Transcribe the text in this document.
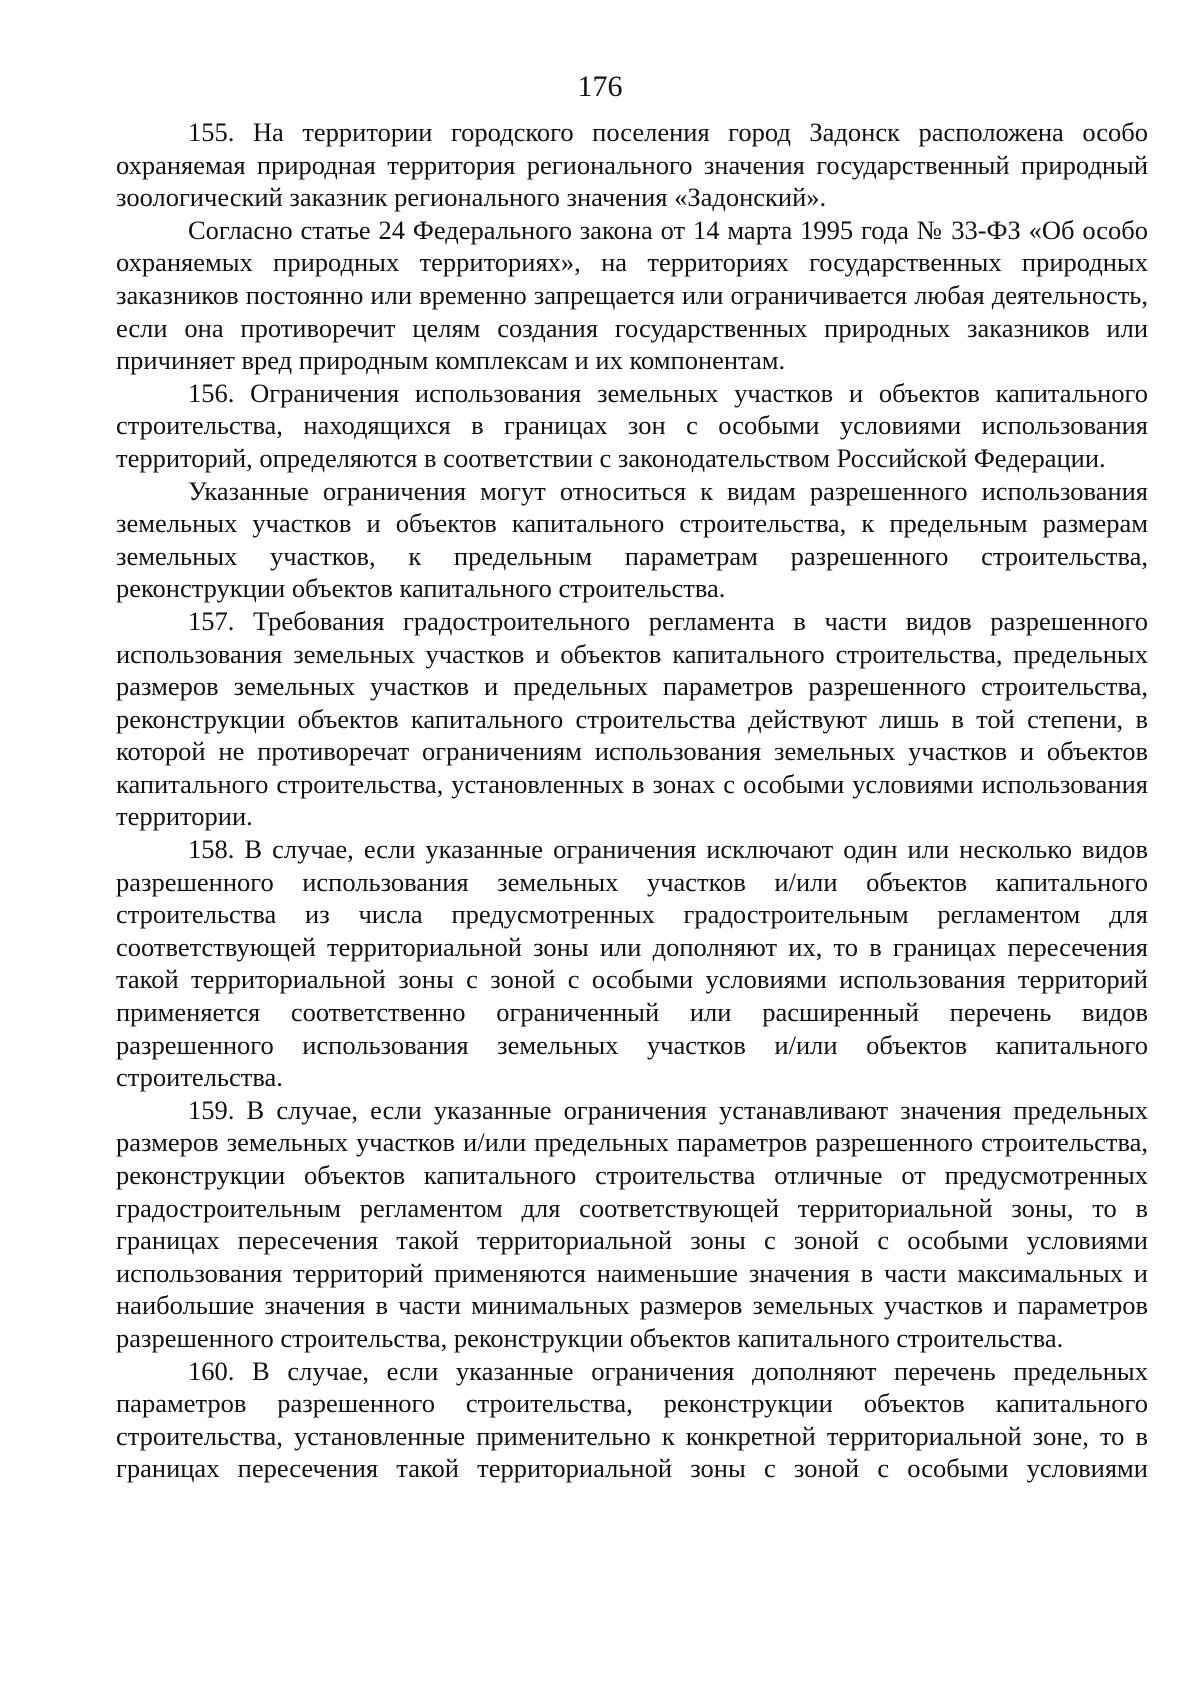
176

155. На территории городского поселения город Задонск расположена особо охраняемая природная территория регионального значения государственный природный зоологический заказник регионального значения «Задонский».

Согласно статье 24 Федерального закона от 14 марта 1995 года № 33-ФЗ «Об особо охраняемых природных территориях», на территориях государственных природных заказников постоянно или временно запрещается или ограничивается любая деятельность, если она противоречит целям создания государственных природных заказников или причиняет вред природным комплексам и их компонентам.

156. Ограничения использования земельных участков и объектов капитального строительства, находящихся в границах зон с особыми условиями использования территорий, определяются в соответствии с законодательством Российской Федерации.

Указанные ограничения могут относиться к видам разрешенного использования земельных участков и объектов капитального строительства, к предельным размерам земельных участков, к предельным параметрам разрешенного строительства, реконструкции объектов капитального строительства.

157. Требования градостроительного регламента в части видов разрешенного использования земельных участков и объектов капитального строительства, предельных размеров земельных участков и предельных параметров разрешенного строительства, реконструкции объектов капитального строительства действуют лишь в той степени, в которой не противоречат ограничениям использования земельных участков и объектов капитального строительства, установленных в зонах с особыми условиями использования территории.

158. В случае, если указанные ограничения исключают один или несколько видов разрешенного использования земельных участков и/или объектов капитального строительства из числа предусмотренных градостроительным регламентом для соответствующей территориальной зоны или дополняют их, то в границах пересечения такой территориальной зоны с зоной с особыми условиями использования территорий применяется соответственно ограниченный или расширенный перечень видов разрешенного использования земельных участков и/или объектов капитального строительства.

159. В случае, если указанные ограничения устанавливают значения предельных размеров земельных участков и/или предельных параметров разрешенного строительства, реконструкции объектов капитального строительства отличные от предусмотренных градостроительным регламентом для соответствующей территориальной зоны, то в границах пересечения такой территориальной зоны с зоной с особыми условиями использования территорий применяются наименьшие значения в части максимальных и наибольшие значения в части минимальных размеров земельных участков и параметров разрешенного строительства, реконструкции объектов капитального строительства.

160. В случае, если указанные ограничения дополняют перечень предельных параметров разрешенного строительства, реконструкции объектов капитального строительства, установленные применительно к конкретной территориальной зоне, то в границах пересечения такой территориальной зоны с зоной с особыми условиями
